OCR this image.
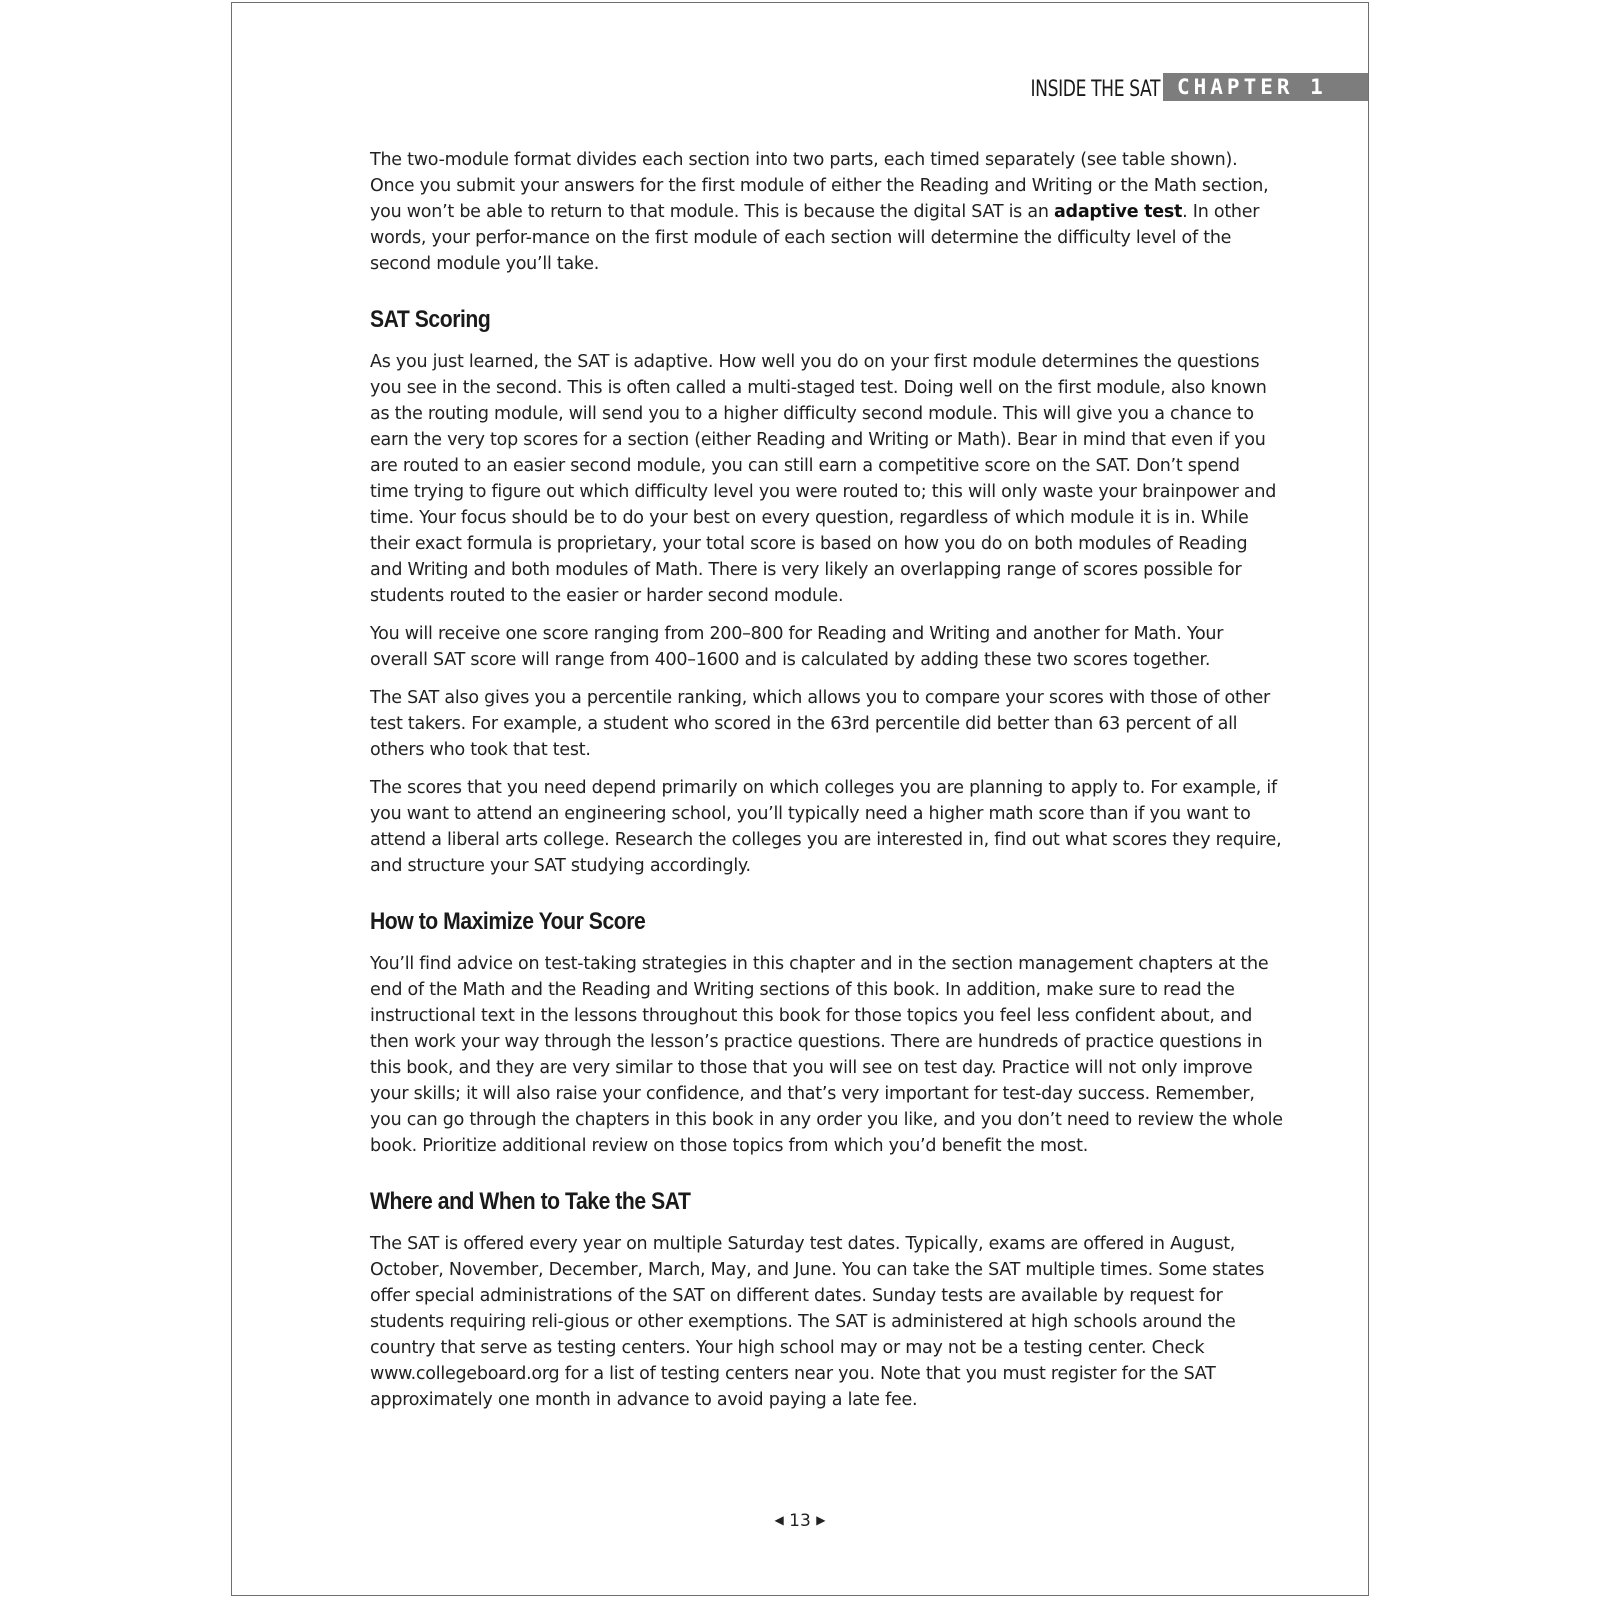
INSIDE THE SAT CHAPTER 1

The two-module format divides each section into two parts, each timed separately (see table shown). Once you submit your answers for the first module of either the Reading and Writing or the Math section, you won’t be able to return to that module. This is because the digital SAT is an adaptive test. In other words, your perfor-mance on the first module of each section will determine the difficulty level of the second module you’ll take.

SAT Scoring

As you just learned, the SAT is adaptive. How well you do on your first module determines the questions you see in the second. This is often called a multi-staged test. Doing well on the first module, also known as the routing module, will send you to a higher difficulty second module. This will give you a chance to earn the very top scores for a section (either Reading and Writing or Math). Bear in mind that even if you are routed to an easier second module, you can still earn a competitive score on the SAT. Don’t spend time trying to figure out which difficulty level you were routed to; this will only waste your brainpower and time. Your focus should be to do your best on every question, regardless of which module it is in. While their exact formula is proprietary, your total score is based on how you do on both modules of Reading and Writing and both modules of Math. There is very likely an overlapping range of scores possible for students routed to the easier or harder second module.

You will receive one score ranging from 200–800 for Reading and Writing and another for Math. Your overall SAT score will range from 400–1600 and is calculated by adding these two scores together.

The SAT also gives you a percentile ranking, which allows you to compare your scores with those of other test takers. For example, a student who scored in the 63rd percentile did better than 63 percent of all others who took that test.

The scores that you need depend primarily on which colleges you are planning to apply to. For example, if you want to attend an engineering school, you’ll typically need a higher math score than if you want to attend a liberal arts college. Research the colleges you are interested in, find out what scores they require, and structure your SAT studying accordingly.

How to Maximize Your Score

You’ll find advice on test-taking strategies in this chapter and in the section management chapters at the end of the Math and the Reading and Writing sections of this book. In addition, make sure to read the instructional text in the lessons throughout this book for those topics you feel less confident about, and then work your way through the lesson’s practice questions. There are hundreds of practice questions in this book, and they are very similar to those that you will see on test day. Practice will not only improve your skills; it will also raise your confidence, and that’s very important for test-day success. Remember, you can go through the chapters in this book in any order you like, and you don’t need to review the whole book. Prioritize additional review on those topics from which you’d benefit the most.

Where and When to Take the SAT

The SAT is offered every year on multiple Saturday test dates. Typically, exams are offered in August, October, November, December, March, May, and June. You can take the SAT multiple times. Some states offer special administrations of the SAT on different dates. Sunday tests are available by request for students requiring reli-gious or other exemptions. The SAT is administered at high schools around the country that serve as testing centers. Your high school may or may not be a testing center. Check www.collegeboard.org for a list of testing centers near you. Note that you must register for the SAT approximately one month in advance to avoid paying a late fee.

◀ 13 ▶
